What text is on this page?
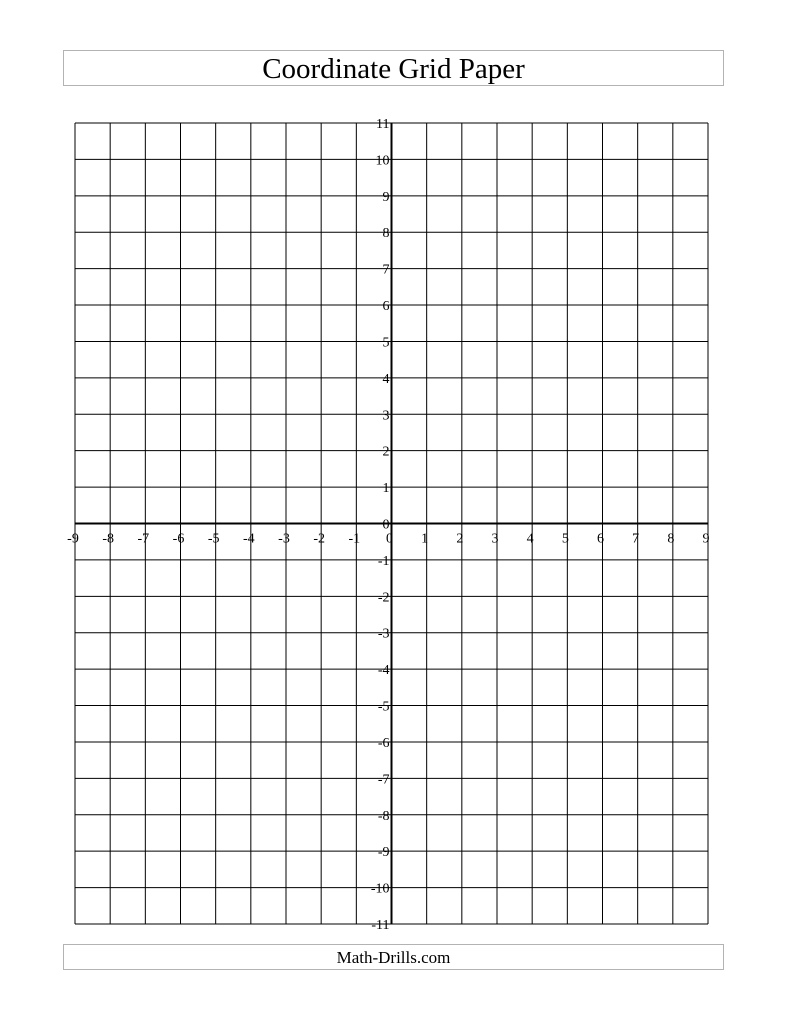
Coordinate Grid Paper
-9 -8 -7 -6 -5 -4 -3 -2 -1 0 1 2 3 4 5 6 7 8 9
11
10
9
8
7
6
5
4
3
2
1
0
-1
-2
-3
-4
-5
-6
-7
-8
-9
-10
-11
Math-Drills.com
